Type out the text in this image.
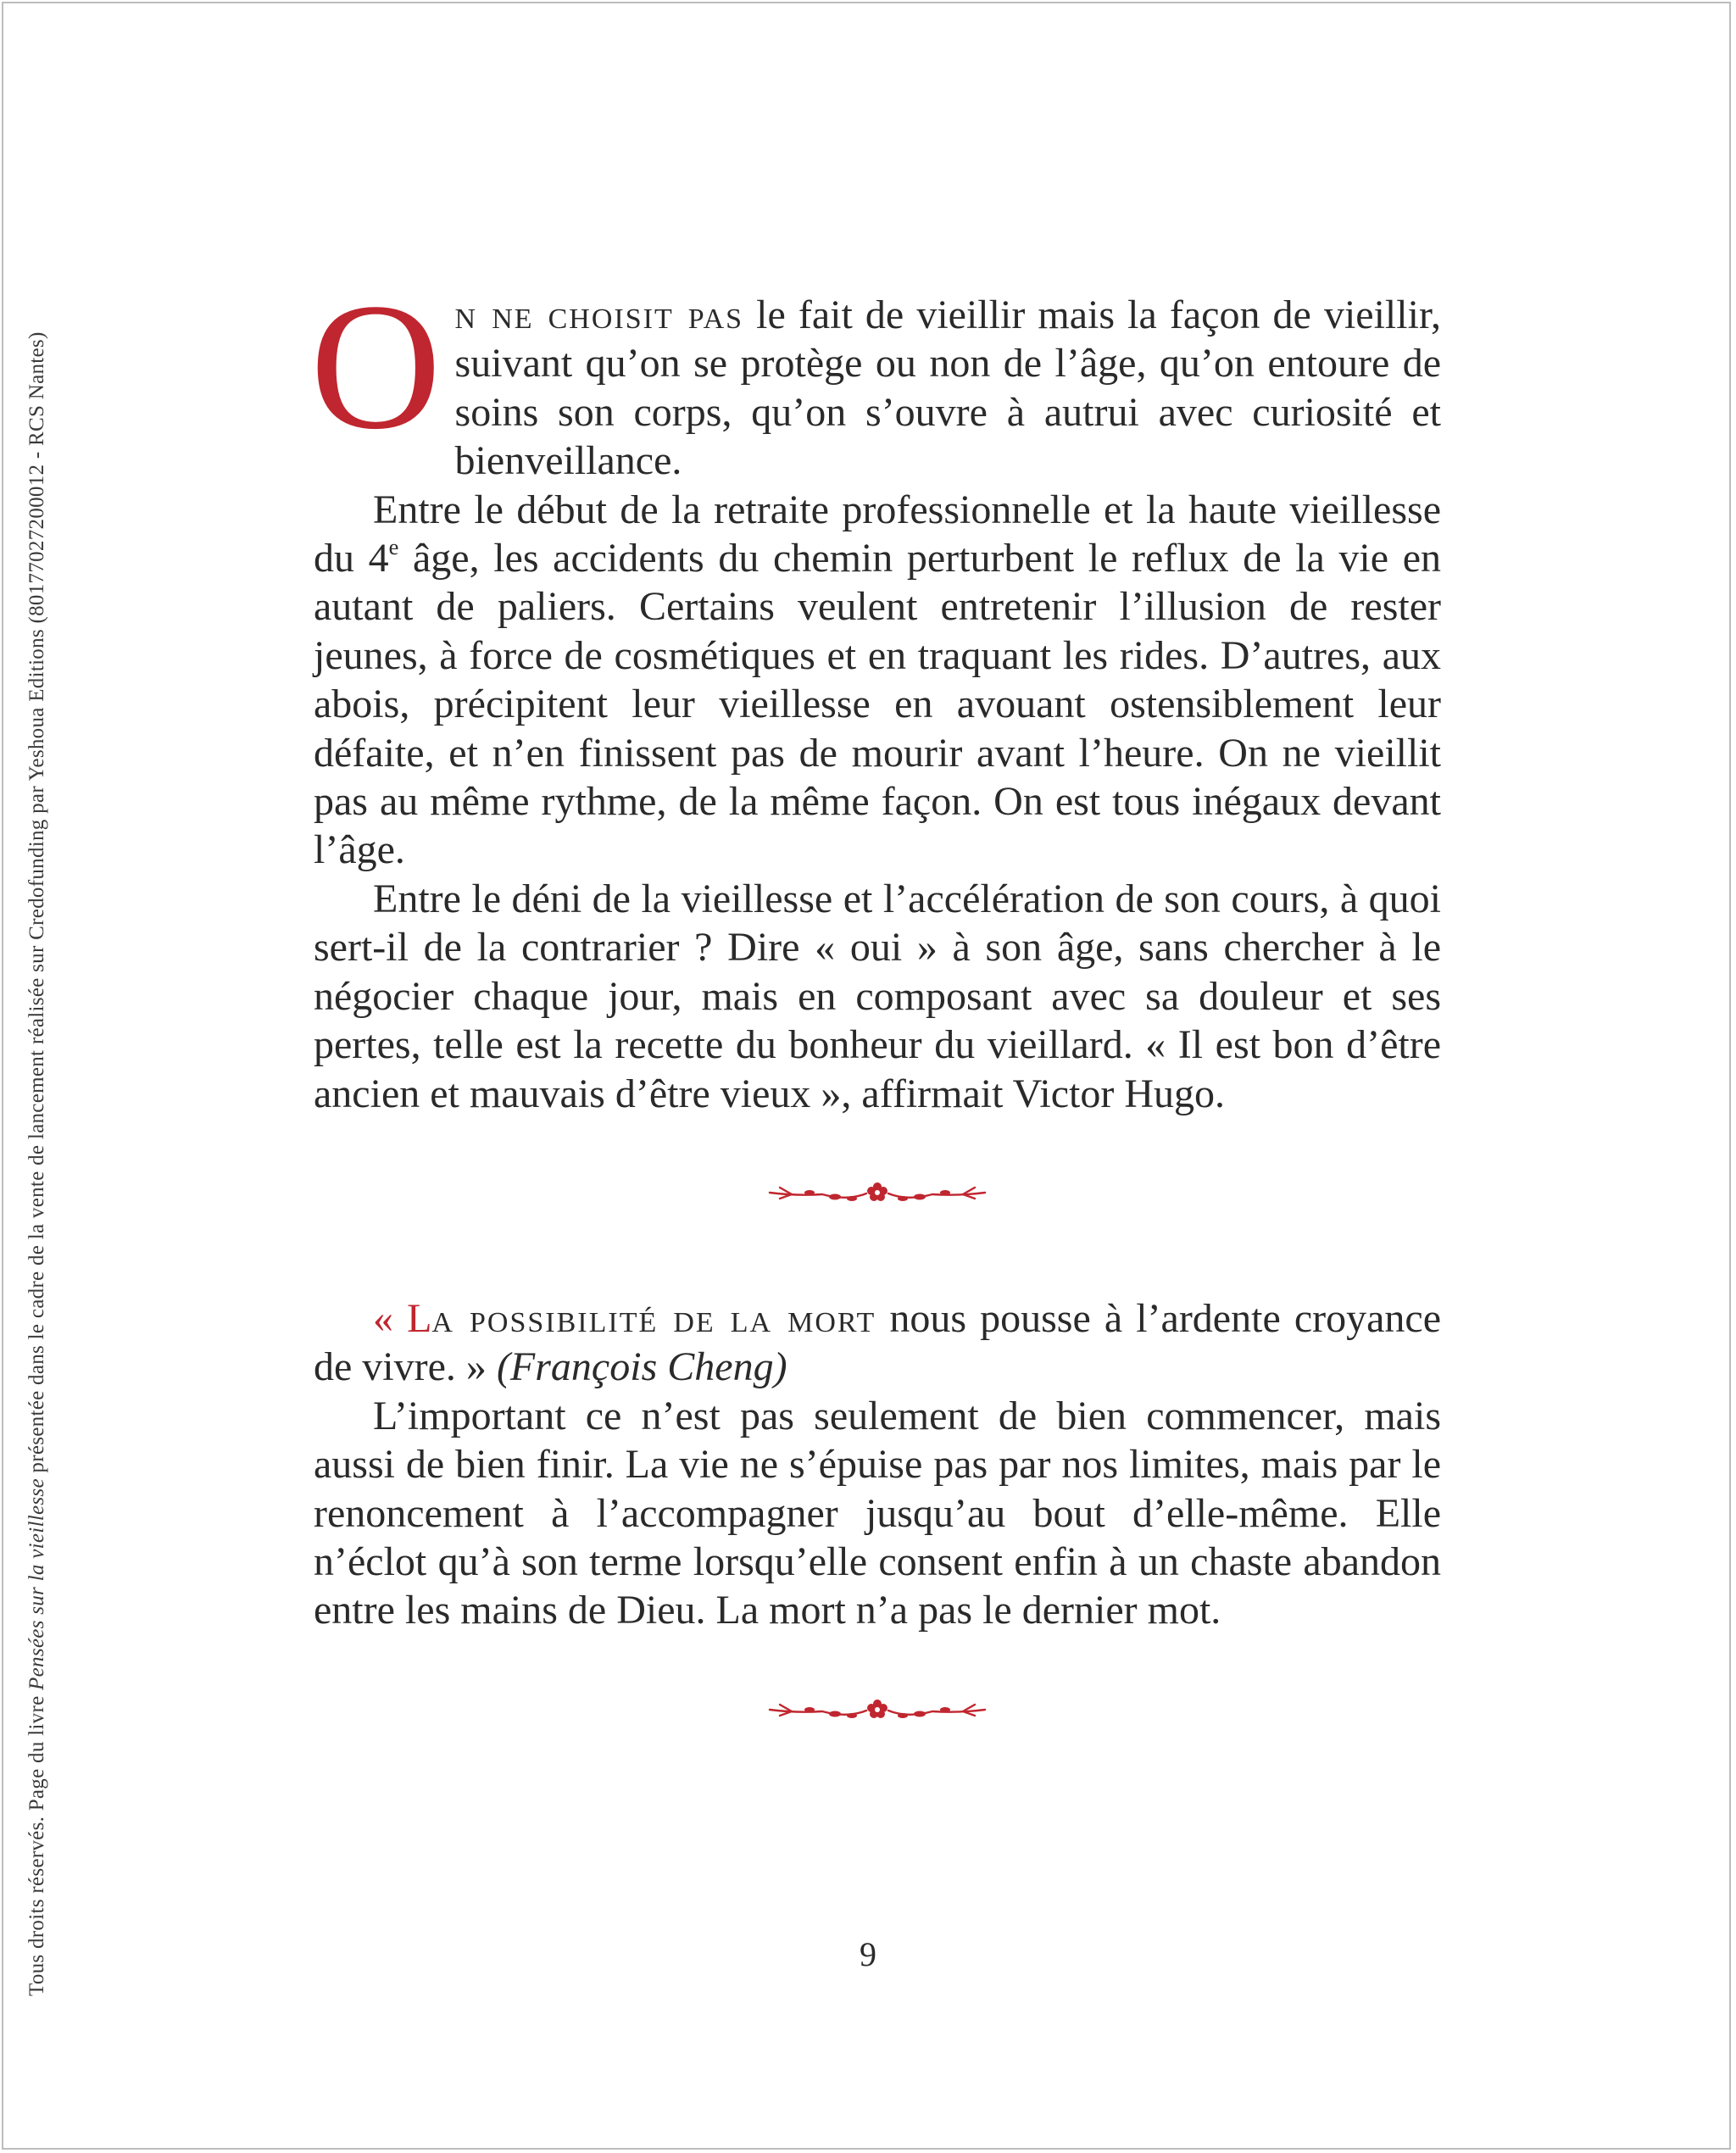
Tous droits réservés. Page du livre Pensées sur la vieillesse présentée dans le cadre de la vente de lancement réalisée sur Credofunding par Yeshoua Editions (80177027200012 - RCS Nantes) On ne choisit pas le fait de vieillir mais la façon de vieillir, suivant qu’on se protège ou non de l’âge, qu’on entoure de soins son corps, qu’on s’ouvre à autrui avec curiosité et bienveillance.

Entre le début de la retraite professionnelle et la haute vieillesse du 4e âge, les accidents du chemin perturbent le reflux de la vie en autant de paliers. Certains veulent entretenir l’illusion de rester jeunes, à force de cosmétiques et en traquant les rides. D’autres, aux abois, précipitent leur vieillesse en avouant ostensiblement leur défaite, et n’en finissent pas de mourir avant l’heure. On ne vieillit pas au même rythme, de la même façon. On est tous inégaux devant l’âge.

Entre le déni de la vieillesse et l’accélération de son cours, à quoi sert-il de la contrarier ? Dire « oui » à son âge, sans chercher à le négocier chaque jour, mais en composant avec sa douleur et ses pertes, telle est la recette du bonheur du vieillard. « Il est bon d’être ancien et mauvais d’être vieux », affirmait Victor Hugo.

« La possibilité de la mort nous pousse à l’ardente croyance de vivre. » (François Cheng)

L’important ce n’est pas seulement de bien commencer, mais aussi de bien finir. La vie ne s’épuise pas par nos limites, mais par le renoncement à l’accompagner jusqu’au bout d’elle-même. Elle n’éclot qu’à son terme lorsqu’elle consent enfin à un chaste abandon entre les mains de Dieu. La mort n’a pas le dernier mot.

9
